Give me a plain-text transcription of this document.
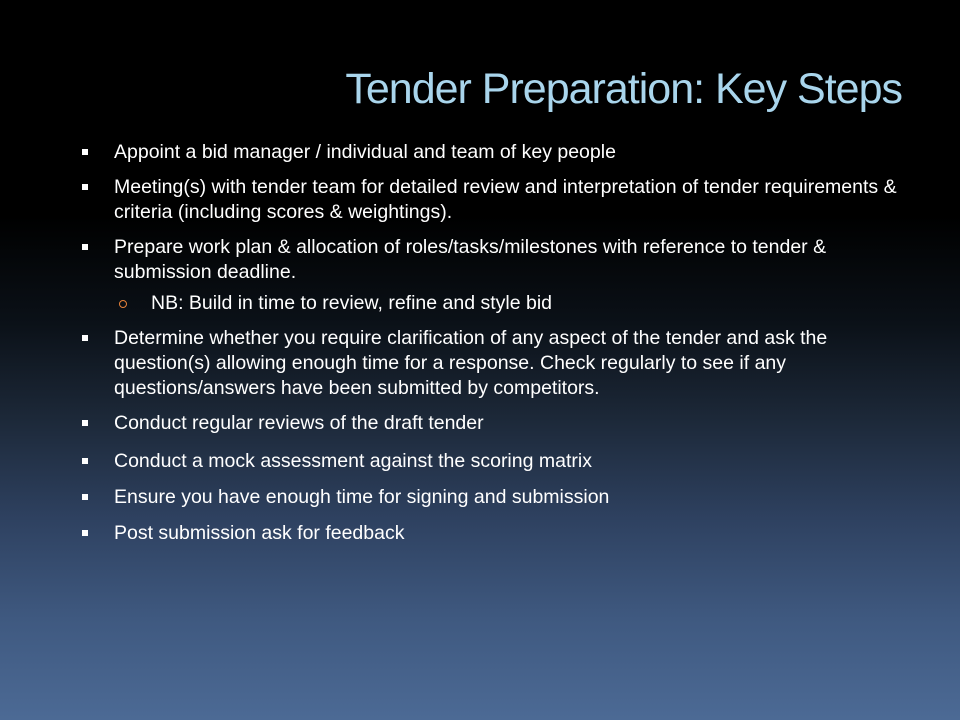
Tender Preparation: Key Steps
Appoint a bid manager / individual and team of key people
Meeting(s) with tender team for detailed review and interpretation of tender requirements & criteria (including scores & weightings).
Prepare work plan & allocation of roles/tasks/milestones with reference to tender & submission deadline.
NB: Build in time to review, refine and style bid
Determine whether you require clarification of any aspect of the tender and ask the question(s) allowing enough time for a response. Check regularly to see if any questions/answers have been submitted by competitors.
Conduct regular reviews of the draft tender
Conduct a mock assessment against the scoring matrix
Ensure you have enough time for signing and submission
Post submission ask for feedback
